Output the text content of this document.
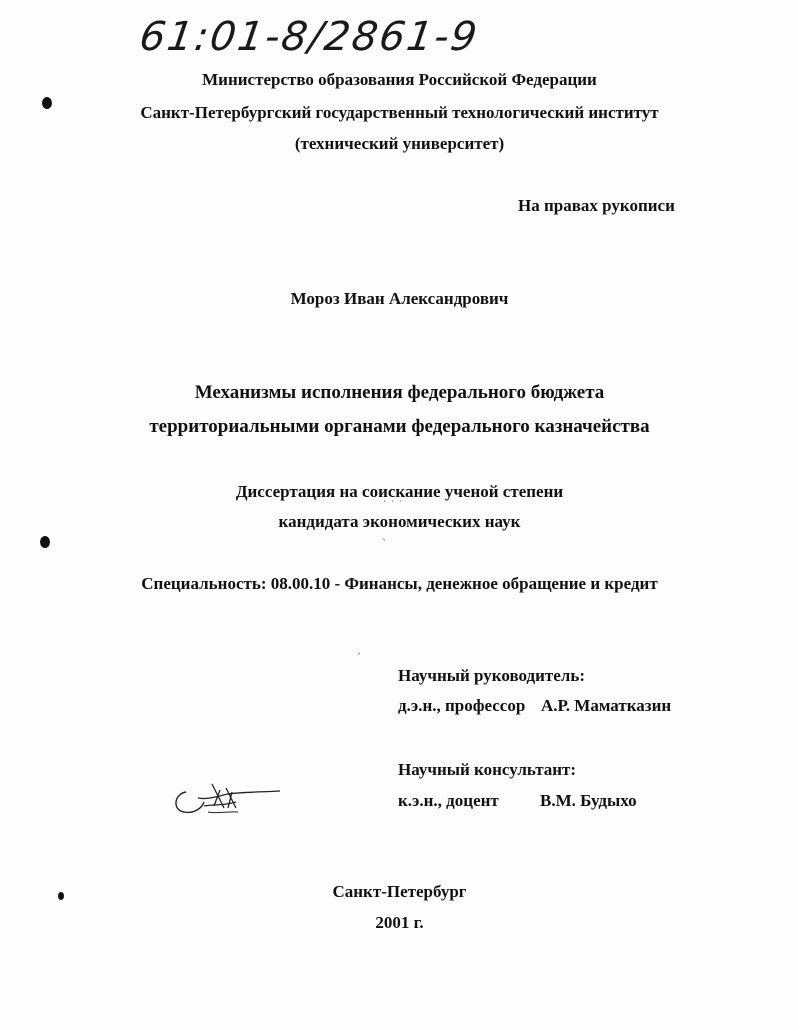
61:01-8/2861-9
Министерство образования Российской Федерации
Санкт-Петербургский государственный технологический институт
(технический университет)
На правах рукописи
Мороз Иван Александрович
Механизмы исполнения федерального бюджета
территориальными органами федерального казначейства
Диссертация на соискание ученой степени
кандидата экономических наук
˙ ˙ ˙
ˎ
ˏ
Специальность: 08.00.10 - Финансы, денежное обращение и кредит
Научный руководитель:
д.э.н., профессор А.Р. Маматказин
Научный консультант:
к.э.н., доцент В.М. Будыхо
Санкт-Петербург
2001 г.
